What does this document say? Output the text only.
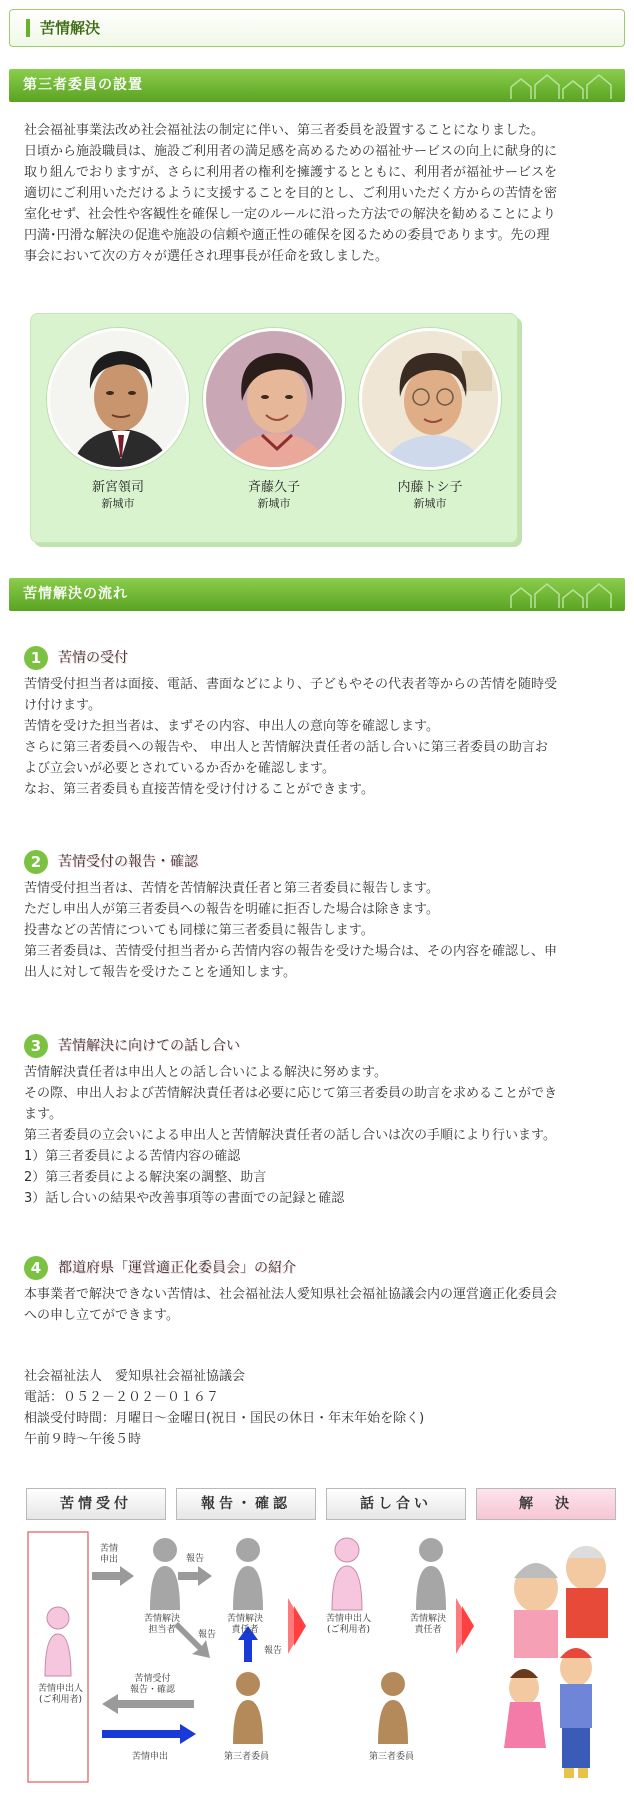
苦情解決
第三者委員の設置
社会福祉事業法改め社会福祉法の制定に伴い、第三者委員を設置することになりました。
日頃から施設職員は、施設ご利用者の満足感を高めるための福祉サービスの向上に献身的に
取り組んでおりますが、さらに利用者の権利を擁護するとともに、利用者が福祉サービスを
適切にご利用いただけるように支援することを目的とし、ご利用いただく方からの苦情を密
室化せず、社会性や客観性を確保し一定のルールに沿った方法での解決を勧めることにより
円満･円滑な解決の促進や施設の信頼や適正性の確保を図るための委員であります。先の理
事会において次の方々が選任され理事長が任命を致しました。
新宮領司
新城市
斉藤久子
新城市
内藤トシ子
新城市
苦情解決の流れ
1	苦情の受付
苦情受付担当者は面接、電話、書面などにより、子どもやその代表者等からの苦情を随時受
け付けます。
苦情を受けた担当者は、まずその内容、申出人の意向等を確認します。
さらに第三者委員への報告や、 申出人と苦情解決責任者の話し合いに第三者委員の助言お
よび立会いが必要とされているか否かを確認します。
なお、第三者委員も直接苦情を受け付けることができます。
2	苦情受付の報告・確認
苦情受付担当者は、苦情を苦情解決責任者と第三者委員に報告します。
ただし申出人が第三者委員への報告を明確に拒否した場合は除きます。
投書などの苦情についても同様に第三者委員に報告します。
第三者委員は、苦情受付担当者から苦情内容の報告を受けた場合は、その内容を確認し、申
出人に対して報告を受けたことを通知します。
3	苦情解決に向けての話し合い
苦情解決責任者は申出人との話し合いによる解決に努めます。
その際、申出人および苦情解決責任者は必要に応じて第三者委員の助言を求めることができ
ます。
第三者委員の立会いによる申出人と苦情解決責任者の話し合いは次の手順により行います。
1）第三者委員による苦情内容の確認
2）第三者委員による解決案の調整、助言
3）話し合いの結果や改善事項等の書面での記録と確認
4	都道府県「運営適正化委員会」の紹介
本事業者で解決できない苦情は、社会福祉法人愛知県社会福祉協議会内の運営適正化委員会
への申し立てができます。
社会福祉法人　愛知県社会福祉協議会
電話：０５２－２０２－０１６７
相談受付時間：月曜日～金曜日(祝日・国民の休日・年末年始を除く)
午前９時～午後５時
苦情受付	報告・確認	話し合い	解　決
苦情申出人
(ご利用者)
苦情
申出
苦情解決
担当者
報告
苦情解決
責任者
報告
報告
苦情申出人
(ご利用者)
苦情解決
責任者
苦情受付
報告・確認
苦情申出	第三者委員	第三者委員
